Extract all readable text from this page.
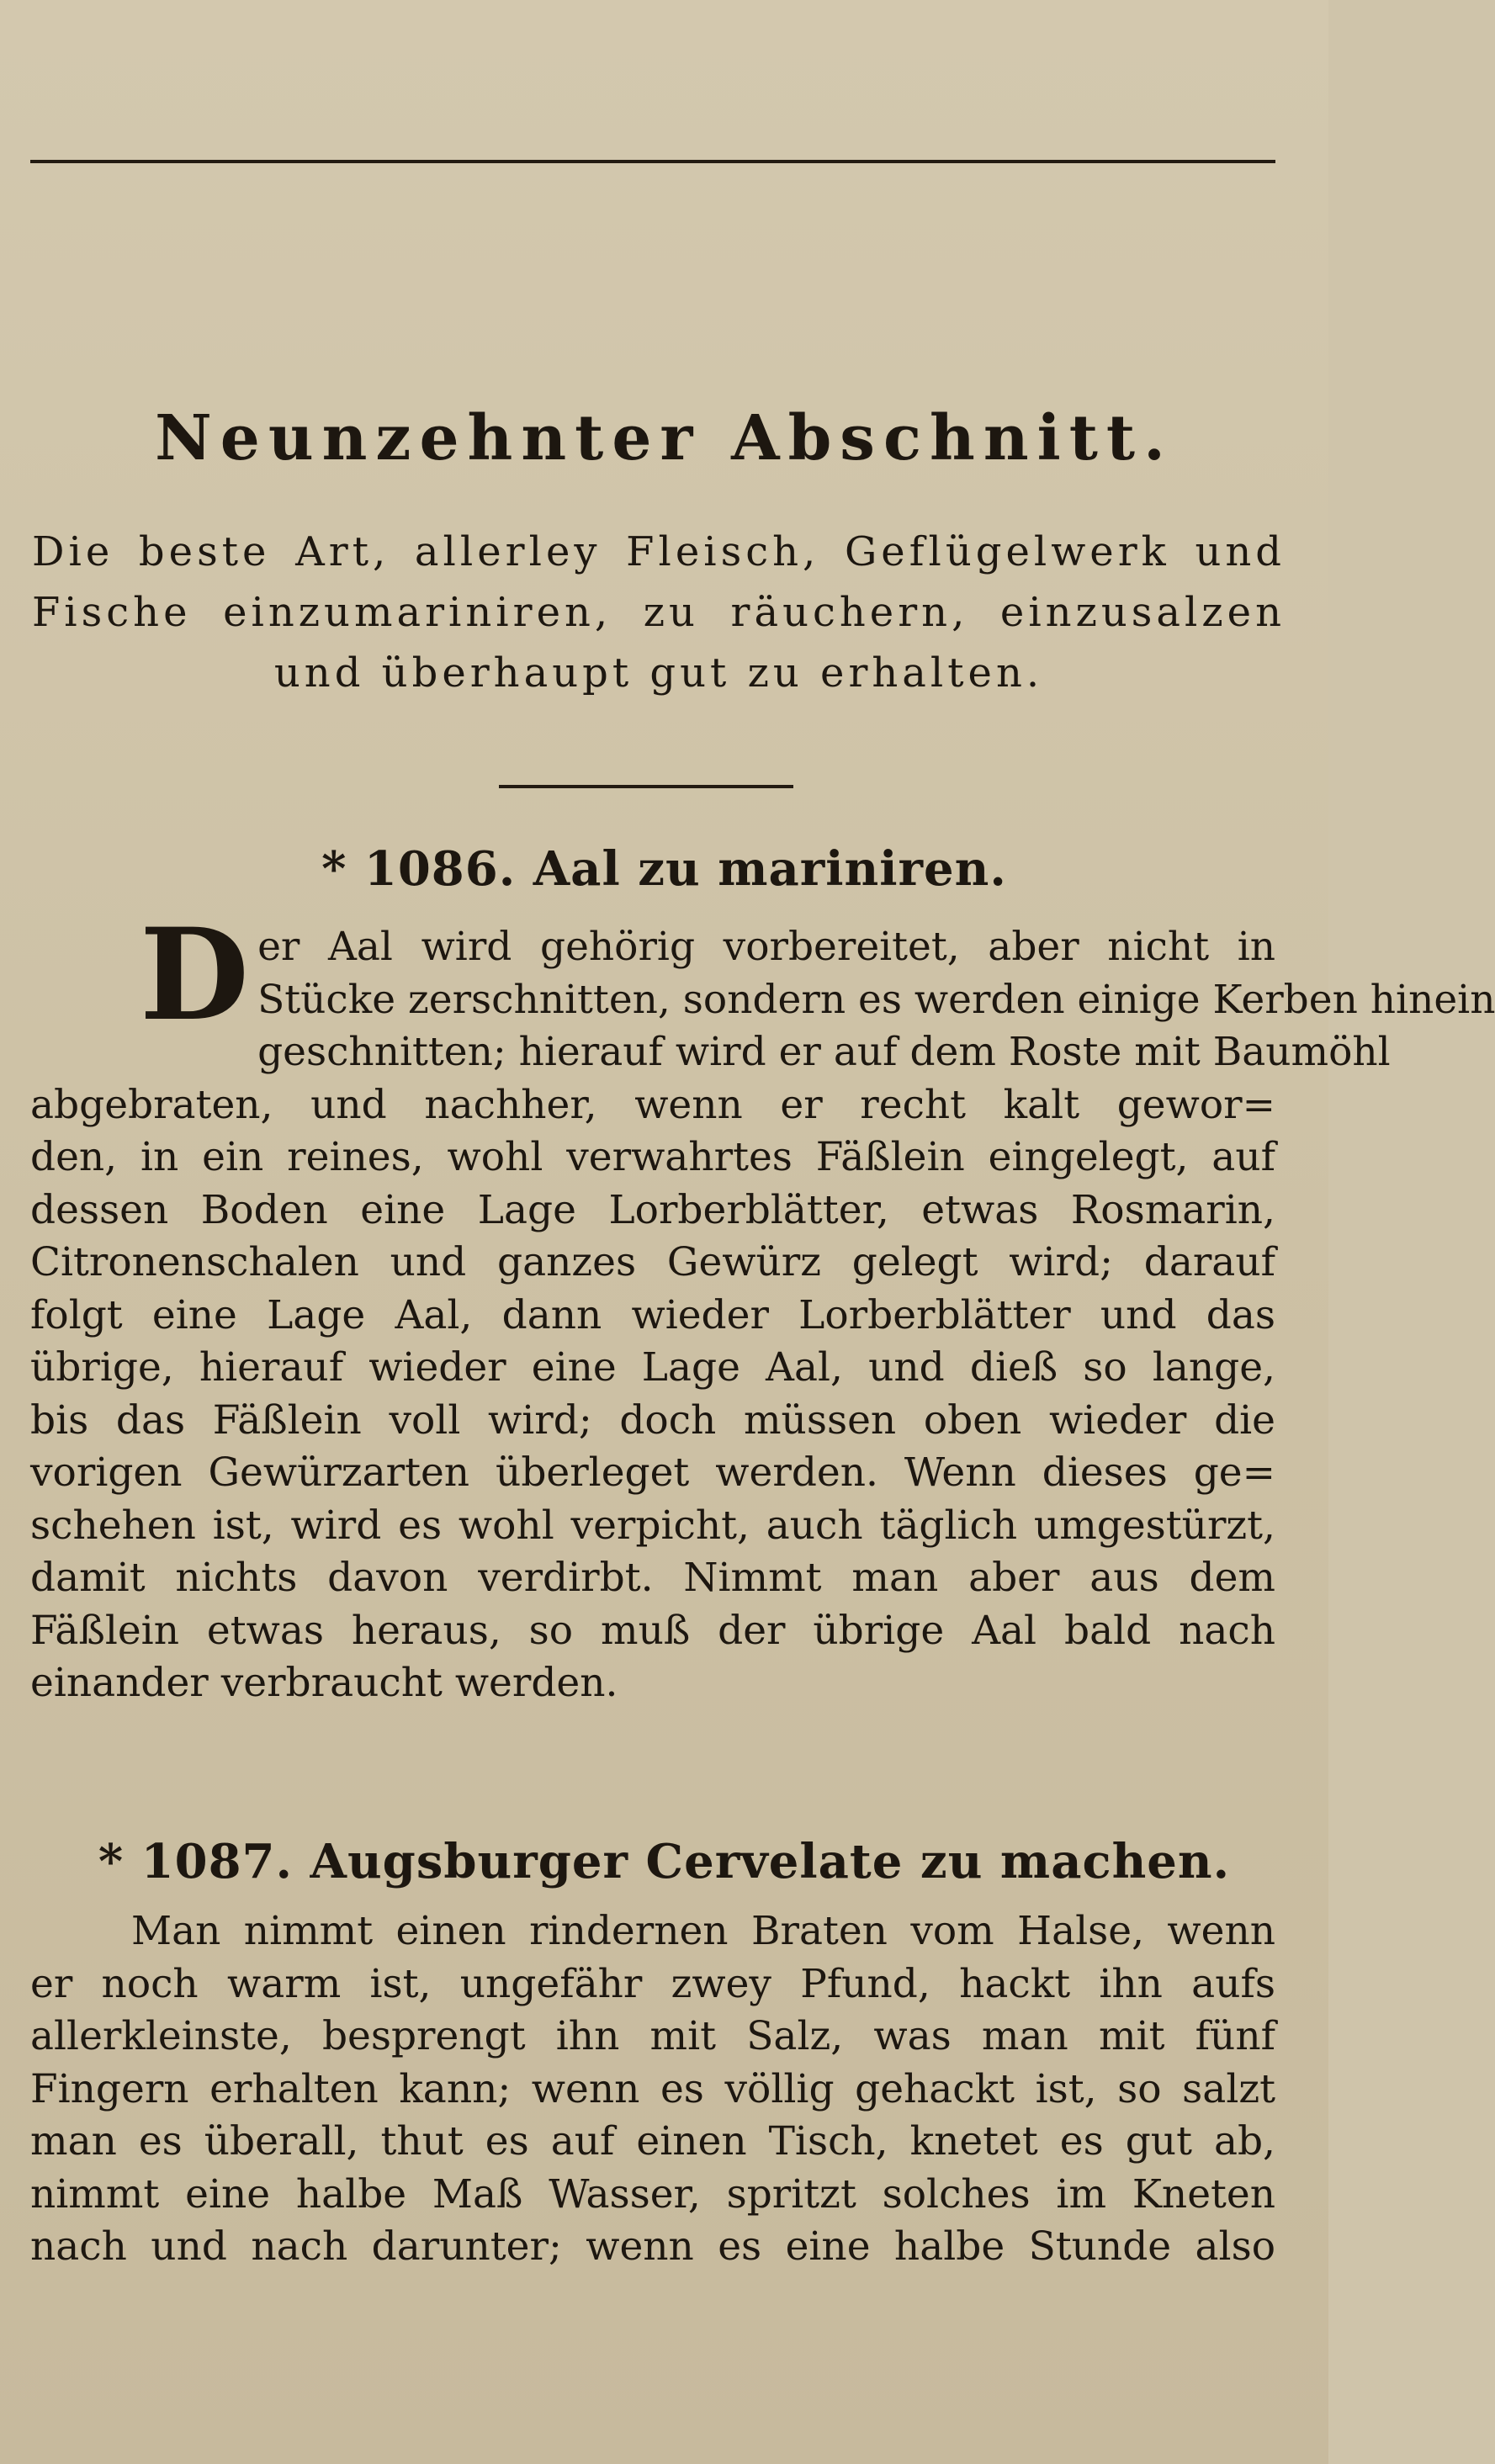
Neunzehnter Abschnitt.
Die beste Art, allerley Fleisch, Geflügelwerk und Fische einzumariniren, zu räuchern, einzusalzen und überhaupt gut zu erhalten.
* 1086. Aal zu mariniren.
D er Aal wird gehörig vorbereitet, aber nicht in
Stücke zerschnitten, sondern es werden einige Kerben hinein
geschnitten; hierauf wird er auf dem Roste mit Baumöhl
abgebraten, und nachher, wenn er recht kalt gewor=
den, in ein reines, wohl verwahrtes Fäßlein eingelegt, auf
dessen Boden eine Lage Lorberblätter, etwas Rosmarin,
Citronenschalen und ganzes Gewürz gelegt wird; darauf
folgt eine Lage Aal, dann wieder Lorberblätter und das
übrige, hierauf wieder eine Lage Aal, und dieß so lange,
bis das Fäßlein voll wird; doch müssen oben wieder die
vorigen Gewürzarten überleget werden. Wenn dieses ge=
schehen ist, wird es wohl verpicht, auch täglich umgestürzt,
damit nichts davon verdirbt. Nimmt man aber aus dem
Fäßlein etwas heraus, so muß der übrige Aal bald nach
einander verbraucht werden.
* 1087. Augsburger Cervelate zu machen.
Man nimmt einen rindernen Braten vom Halse, wenn
er noch warm ist, ungefähr zwey Pfund, hackt ihn aufs
allerkleinste, besprengt ihn mit Salz, was man mit fünf
Fingern erhalten kann; wenn es völlig gehackt ist, so salzt
man es überall, thut es auf einen Tisch, knetet es gut ab,
nimmt eine halbe Maß Wasser, spritzt solches im Kneten
nach und nach darunter; wenn es eine halbe Stunde also
